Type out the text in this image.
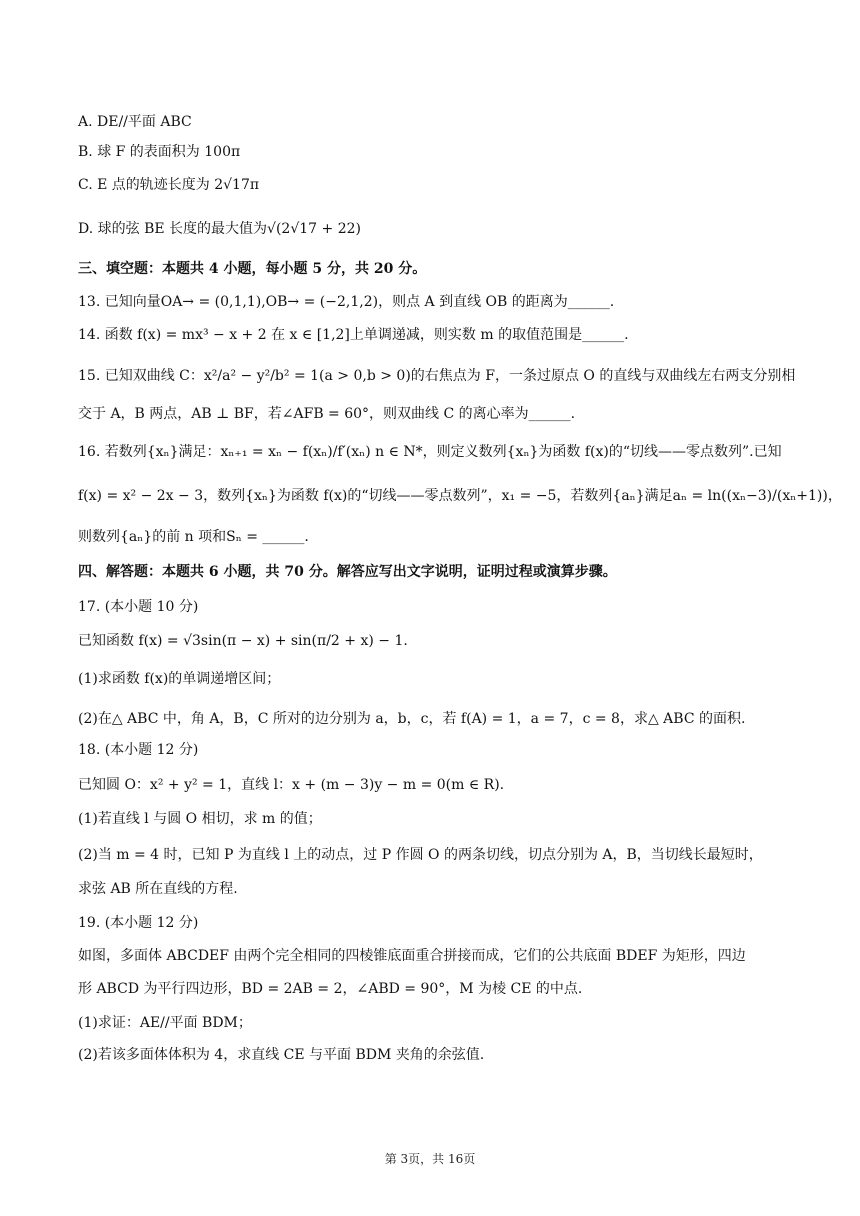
A. DE//平面 ABC
B. 球 F 的表面积为 100π
C. E 点的轨迹长度为 2√17π
D. 球的弦 BE 长度的最大值为√(2√17 + 22)
三、填空题：本题共 4 小题，每小题 5 分，共 20 分。
13. 已知向量OA→ = (0,1,1),OB→ = (−2,1,2)，则点 A 到直线 OB 的距离为______.
14. 函数 f(x) = mx³ − x + 2 在 x ∈ [1,2]上单调递减，则实数 m 的取值范围是______.
15. 已知双曲线 C：x²/a² − y²/b² = 1(a > 0,b > 0)的右焦点为 F，一条过原点 O 的直线与双曲线左右两支分别相
交于 A，B 两点，AB ⊥ BF，若∠AFB = 60°，则双曲线 C 的离心率为______.
16. 若数列{xₙ}满足：xₙ₊₁ = xₙ − f(xₙ)/f′(xₙ) n ∈ N*，则定义数列{xₙ}为函数 f(x)的“切线——零点数列”.已知
f(x) = x² − 2x − 3，数列{xₙ}为函数 f(x)的“切线——零点数列”，x₁ = −5，若数列{aₙ}满足aₙ = ln((xₙ−3)/(xₙ+1))，
则数列{aₙ}的前 n 项和Sₙ = ______.
四、解答题：本题共 6 小题，共 70 分。解答应写出文字说明，证明过程或演算步骤。
17. (本小题 10 分)
已知函数 f(x) = √3sin(π − x) + sin(π/2 + x) − 1.
(1)求函数 f(x)的单调递增区间；
(2)在△ ABC 中，角 A，B，C 所对的边分别为 a，b，c，若 f(A) = 1，a = 7，c = 8，求△ ABC 的面积.
18. (本小题 12 分)
已知圆 O：x² + y² = 1，直线 l：x + (m − 3)y − m = 0(m ∈ R).
(1)若直线 l 与圆 O 相切，求 m 的值；
(2)当 m = 4 时，已知 P 为直线 l 上的动点，过 P 作圆 O 的两条切线，切点分别为 A，B，当切线长最短时，
求弦 AB 所在直线的方程.
19. (本小题 12 分)
如图，多面体 ABCDEF 由两个完全相同的四棱锥底面重合拼接而成，它们的公共底面 BDEF 为矩形，四边
形 ABCD 为平行四边形，BD = 2AB = 2，∠ABD = 90°，M 为棱 CE 的中点.
(1)求证：AE//平面 BDM；
(2)若该多面体体积为 4，求直线 CE 与平面 BDM 夹角的余弦值.
第 3页，共 16页
